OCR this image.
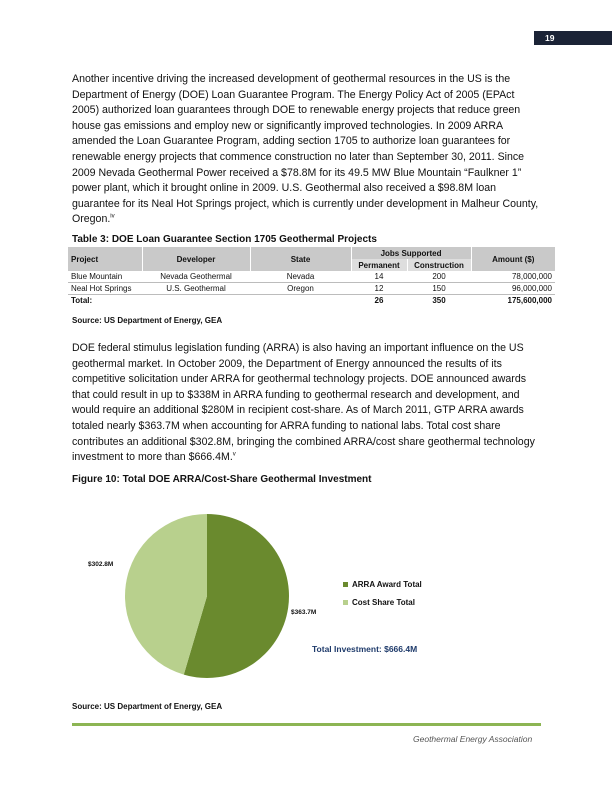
19

Another incentive driving the increased development of geothermal resources in the US is the Department of Energy (DOE) Loan Guarantee Program. The Energy Policy Act of 2005 (EPAct 2005) authorized loan guarantees through DOE to renewable energy projects that reduce green house gas emissions and employ new or significantly improved technologies. In 2009 ARRA amended the Loan Guarantee Program, adding section 1705 to authorize loan guarantees for renewable energy projects that commence construction no later than September 30, 2011. Since 2009 Nevada Geothermal Power received a $78.8M for its 49.5 MW Blue Mountain “Faulkner 1” power plant, which it brought online in 2009. U.S. Geothermal also received a $98.8M loan guarantee for its Neal Hot Springs project, which is currently under development in Malheur County, Oregon.$^{iv}$

Table 3: DOE Loan Guarantee Section 1705 Geothermal Projects
Project	Developer	State	Jobs Supported		Amount ($)
			Permanent	Construction	
Blue Mountain	Nevada Geothermal	Nevada	14	200	78,000,000
Neal Hot Springs	U.S. Geothermal	Oregon	12	150	96,000,000
Total:			26	350	175,600,000
Source: US Department of Energy, GEA

DOE federal stimulus legislation funding (ARRA) is also having an important influence on the US geothermal market. In October 2009, the Department of Energy announced the results of its competitive solicitation under ARRA for geothermal technology projects. DOE announced awards that could result in up to $338M in ARRA funding to geothermal research and development, and would require an additional $280M in recipient cost-share. As of March 2011, GTP ARRA awards totaled nearly $363.7M when accounting for ARRA funding to national labs. Total cost share contributes an additional $302.8M, bringing the combined ARRA/cost share geothermal technology investment to more than $666.4M.$^v$

Figure 10: Total DOE ARRA/Cost-Share Geothermal Investment
$302.8M
$363.7M
ARRA Award Total
Cost Share Total
Total Investment: $666.4M
Source: US Department of Energy, GEA
Geothermal Energy Association
